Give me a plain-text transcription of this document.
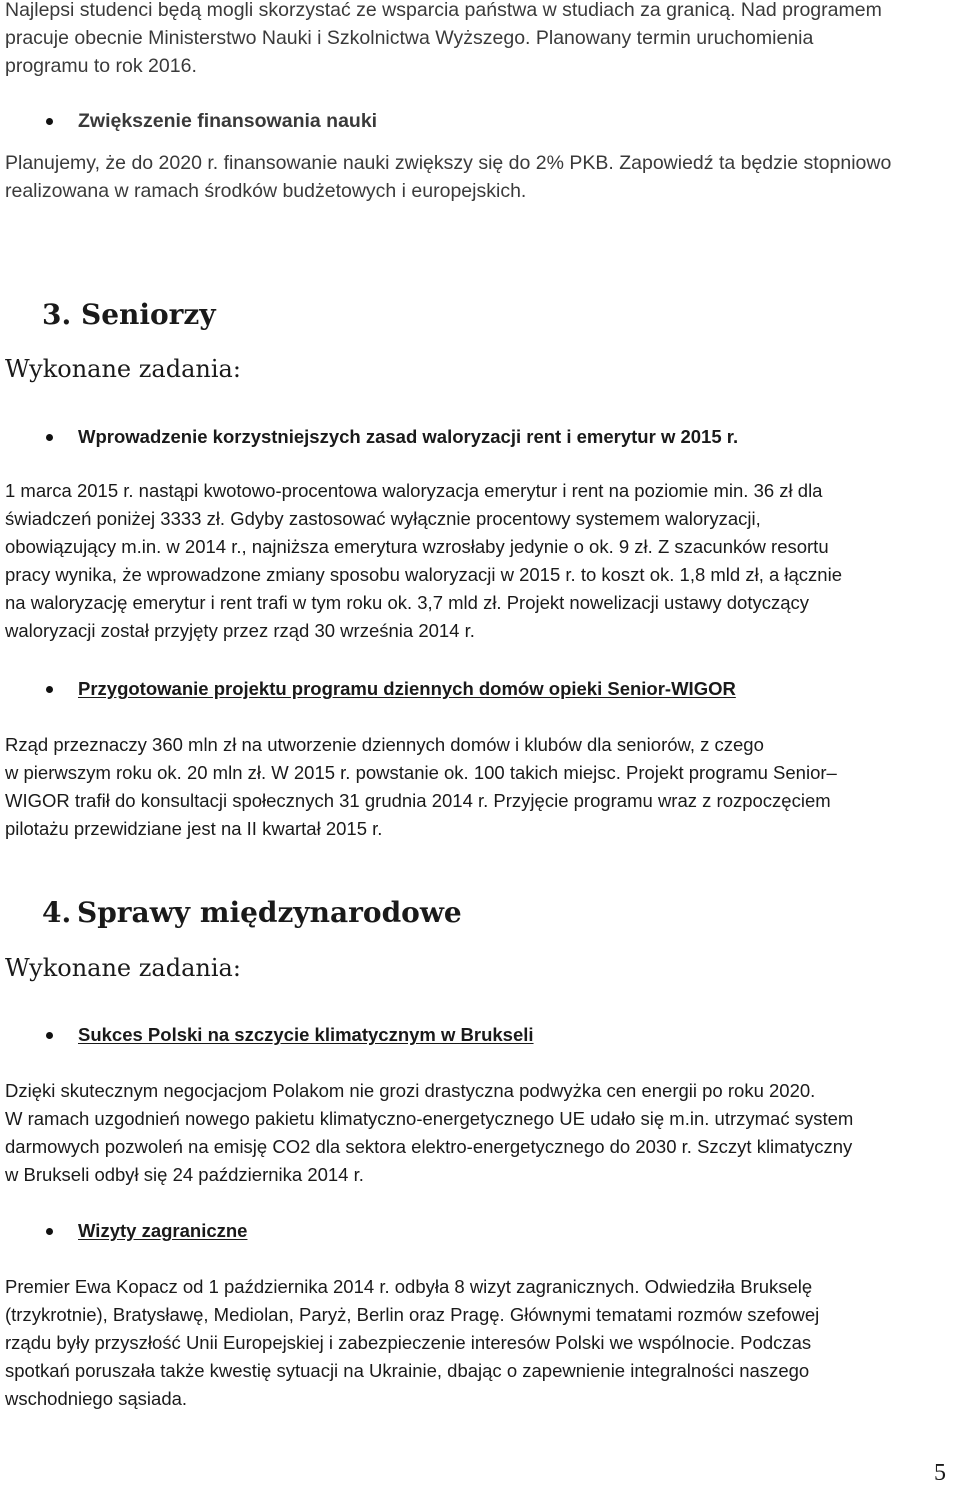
Najlepsi studenci będą mogli skorzystać ze wsparcia państwa w studiach za granicą. Nad programem
pracuje obecnie Ministerstwo Nauki i Szkolnictwa Wyższego. Planowany termin uruchomienia
programu to rok 2016.
Zwiększenie finansowania nauki
Planujemy, że do 2020 r. finansowanie nauki zwiększy się do 2% PKB. Zapowiedź ta będzie stopniowo
realizowana w ramach środków budżetowych i europejskich.
3. Seniorzy
Wykonane zadania:
Wprowadzenie korzystniejszych zasad waloryzacji rent i emerytur w 2015 r.
1 marca 2015 r. nastąpi kwotowo-procentowa waloryzacja emerytur i rent na poziomie min. 36 zł dla
świadczeń poniżej 3333 zł. Gdyby zastosować wyłącznie procentowy systemem waloryzacji,
obowiązujący m.in. w 2014 r., najniższa emerytura wzrosłaby jedynie o ok. 9 zł. Z szacunków resortu
pracy wynika, że wprowadzone zmiany sposobu waloryzacji w 2015 r. to koszt ok. 1,8 mld zł, a łącznie
na waloryzację emerytur i rent trafi w tym roku ok. 3,7 mld zł. Projekt nowelizacji ustawy dotyczący
waloryzacji został przyjęty przez rząd 30 września 2014 r.
Przygotowanie projektu programu dziennych domów opieki Senior-WIGOR
Rząd przeznaczy 360 mln zł na utworzenie dziennych domów i klubów dla seniorów, z czego
w pierwszym roku ok. 20 mln zł. W 2015 r. powstanie ok. 100 takich miejsc. Projekt programu Senior–
WIGOR trafił do konsultacji społecznych 31 grudnia 2014 r. Przyjęcie programu wraz z rozpoczęciem
pilotażu przewidziane jest na II kwartał 2015 r.
4. Sprawy międzynarodowe
Wykonane zadania:
Sukces Polski na szczycie klimatycznym w Brukseli
Dzięki skutecznym negocjacjom Polakom nie grozi drastyczna podwyżka cen energii po roku 2020.
W ramach uzgodnień nowego pakietu klimatyczno-energetycznego UE udało się m.in. utrzymać system
darmowych pozwoleń na emisję CO2 dla sektora elektro-energetycznego do 2030 r. Szczyt klimatyczny
w Brukseli odbył się 24 października 2014 r.
Wizyty zagraniczne
Premier Ewa Kopacz od 1 października 2014 r. odbyła 8 wizyt zagranicznych. Odwiedziła Brukselę
(trzykrotnie), Bratysławę, Mediolan, Paryż, Berlin oraz Pragę. Głównymi tematami rozmów szefowej
rządu były przyszłość Unii Europejskiej i zabezpieczenie interesów Polski we wspólnocie. Podczas
spotkań poruszała także kwestię sytuacji na Ukrainie, dbając o zapewnienie integralności naszego
wschodniego sąsiada.
5
